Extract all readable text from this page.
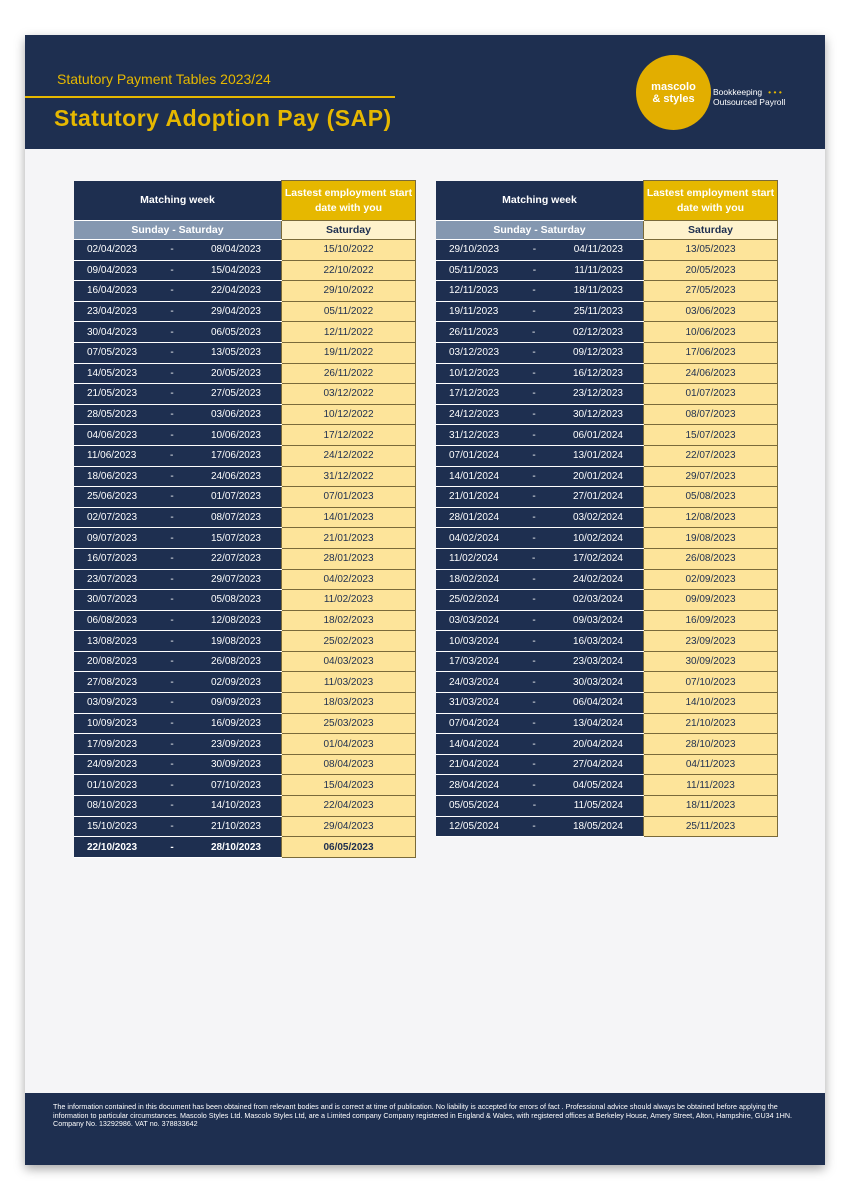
Statutory Payment Tables 2023/24
Statutory Adoption Pay (SAP)
mascolo
& styles
Bookkeeping • • •
Outsourced Payroll
Matching week	Lastest employment start date with you
Sunday - Saturday	Saturday

02/04/2023 - 08/04/2023	15/10/2022

09/04/2023 - 15/04/2023	22/10/2022

16/04/2023 - 22/04/2023	29/10/2022

23/04/2023 - 29/04/2023	05/11/2022

30/04/2023 - 06/05/2023	12/11/2022

07/05/2023 - 13/05/2023	19/11/2022

14/05/2023 - 20/05/2023	26/11/2022

21/05/2023 - 27/05/2023	03/12/2022

28/05/2023 - 03/06/2023	10/12/2022

04/06/2023 - 10/06/2023	17/12/2022

11/06/2023 - 17/06/2023	24/12/2022

18/06/2023 - 24/06/2023	31/12/2022

25/06/2023 - 01/07/2023	07/01/2023

02/07/2023 - 08/07/2023	14/01/2023

09/07/2023 - 15/07/2023	21/01/2023

16/07/2023 - 22/07/2023	28/01/2023

23/07/2023 - 29/07/2023	04/02/2023

30/07/2023 - 05/08/2023	11/02/2023

06/08/2023 - 12/08/2023	18/02/2023

13/08/2023 - 19/08/2023	25/02/2023

20/08/2023 - 26/08/2023	04/03/2023

27/08/2023 - 02/09/2023	11/03/2023

03/09/2023 - 09/09/2023	18/03/2023

10/09/2023 - 16/09/2023	25/03/2023

17/09/2023 - 23/09/2023	01/04/2023

24/09/2023 - 30/09/2023	08/04/2023

01/10/2023 - 07/10/2023	15/04/2023

08/10/2023 - 14/10/2023	22/04/2023

15/10/2023 - 21/10/2023	29/04/2023

22/10/2023 - 28/10/2023	06/05/2023
Matching week	Lastest employment start date with you
Sunday - Saturday	Saturday

29/10/2023 - 04/11/2023	13/05/2023

05/11/2023 - 11/11/2023	20/05/2023

12/11/2023 - 18/11/2023	27/05/2023

19/11/2023 - 25/11/2023	03/06/2023

26/11/2023 - 02/12/2023	10/06/2023

03/12/2023 - 09/12/2023	17/06/2023

10/12/2023 - 16/12/2023	24/06/2023

17/12/2023 - 23/12/2023	01/07/2023

24/12/2023 - 30/12/2023	08/07/2023

31/12/2023 - 06/01/2024	15/07/2023

07/01/2024 - 13/01/2024	22/07/2023

14/01/2024 - 20/01/2024	29/07/2023

21/01/2024 - 27/01/2024	05/08/2023

28/01/2024 - 03/02/2024	12/08/2023

04/02/2024 - 10/02/2024	19/08/2023

11/02/2024 - 17/02/2024	26/08/2023

18/02/2024 - 24/02/2024	02/09/2023

25/02/2024 - 02/03/2024	09/09/2023

03/03/2024 - 09/03/2024	16/09/2023

10/03/2024 - 16/03/2024	23/09/2023

17/03/2024 - 23/03/2024	30/09/2023

24/03/2024 - 30/03/2024	07/10/2023

31/03/2024 - 06/04/2024	14/10/2023

07/04/2024 - 13/04/2024	21/10/2023

14/04/2024 - 20/04/2024	28/10/2023

21/04/2024 - 27/04/2024	04/11/2023

28/04/2024 - 04/05/2024	11/11/2023

05/05/2024 - 11/05/2024	18/11/2023

12/05/2024 - 18/05/2024	25/11/2023

The information contained in this document has been obtained from relevant bodies and is correct at time of publication. No liability is accepted for errors of fact . Professional advice should always be obtained before applying the information to particular circumstances. Mascolo Styles Ltd. Mascolo Styles Ltd, are a Limited company Company registered in England & Wales, with registered offices at Berkeley House, Amery Street, Alton, Hampshire, GU34 1HN. Company No. 13292986. VAT no. 378833642
